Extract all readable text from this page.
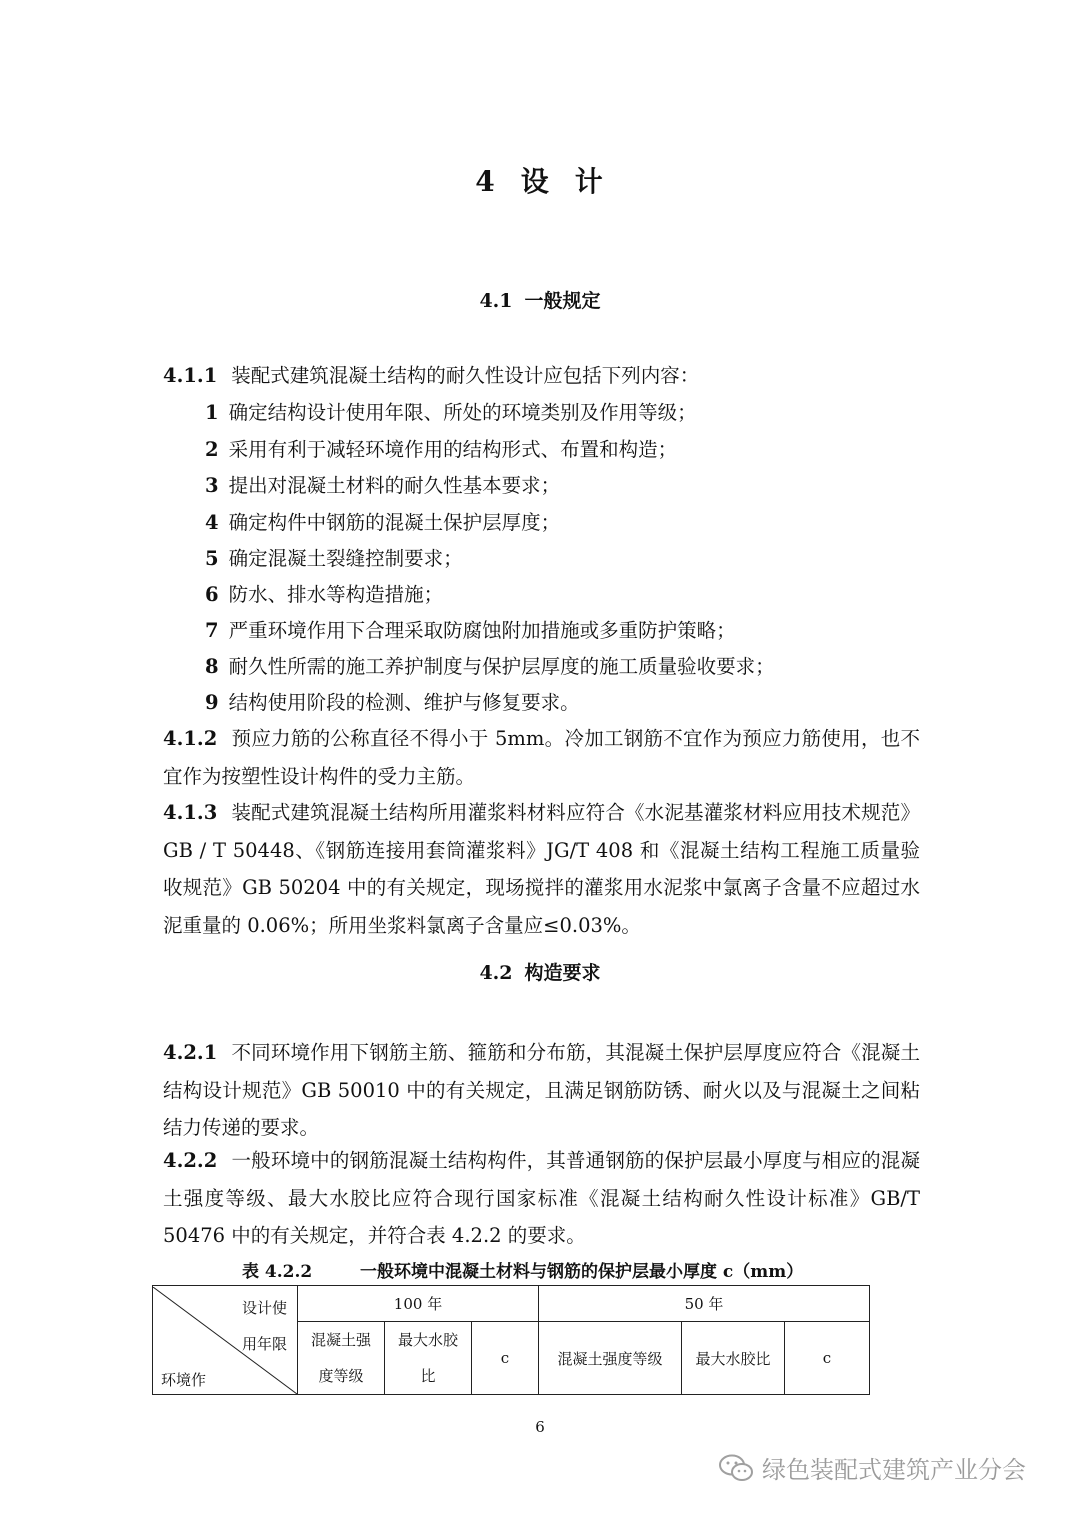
4 设 计
4.1 一般规定
4.1.1 装配式建筑混凝土结构的耐久性设计应包括下列内容：
1 确定结构设计使用年限、所处的环境类别及作用等级；
2 采用有利于减轻环境作用的结构形式、布置和构造；
3 提出对混凝土材料的耐久性基本要求；
4 确定构件中钢筋的混凝土保护层厚度；
5 确定混凝土裂缝控制要求；
6 防水、排水等构造措施；
7 严重环境作用下合理采取防腐蚀附加措施或多重防护策略；
8 耐久性所需的施工养护制度与保护层厚度的施工质量验收要求；
9 结构使用阶段的检测、维护与修复要求。
4.1.2 预应力筋的公称直径不得小于 5mm。冷加工钢筋不宜作为预应力筋使用，也不宜作为按塑性设计构件的受力主筋。
4.1.3 装配式建筑混凝土结构所用灌浆料材料应符合《水泥基灌浆材料应用技术规范》GB / T 50448、《钢筋连接用套筒灌浆料》JG/T 408 和《混凝土结构工程施工质量验收规范》GB 50204 中的有关规定，现场搅拌的灌浆用水泥浆中氯离子含量不应超过水泥重量的 0.06%；所用坐浆料氯离子含量应≤0.03%。
4.2 构造要求
4.2.1 不同环境作用下钢筋主筋、箍筋和分布筋，其混凝土保护层厚度应符合《混凝土结构设计规范》GB 50010 中的有关规定，且满足钢筋防锈、耐火以及与混凝土之间粘结力传递的要求。
4.2.2 一般环境中的钢筋混凝土结构构件，其普通钢筋的保护层最小厚度与相应的混凝土强度等级、最大水胶比应符合现行国家标准《混凝土结构耐久性设计标准》GB/T 50476 中的有关规定，并符合表 4.2.2 的要求。
表 4.2.2	一般环境中混凝土材料与钢筋的保护层最小厚度 c（mm）
设计使
用年限
环境作	100 年			50 年		

	混凝土强度等级	最大水胶比	c	混凝土强度等级	最大水胶比	c
6
绿色装配式建筑产业分会
